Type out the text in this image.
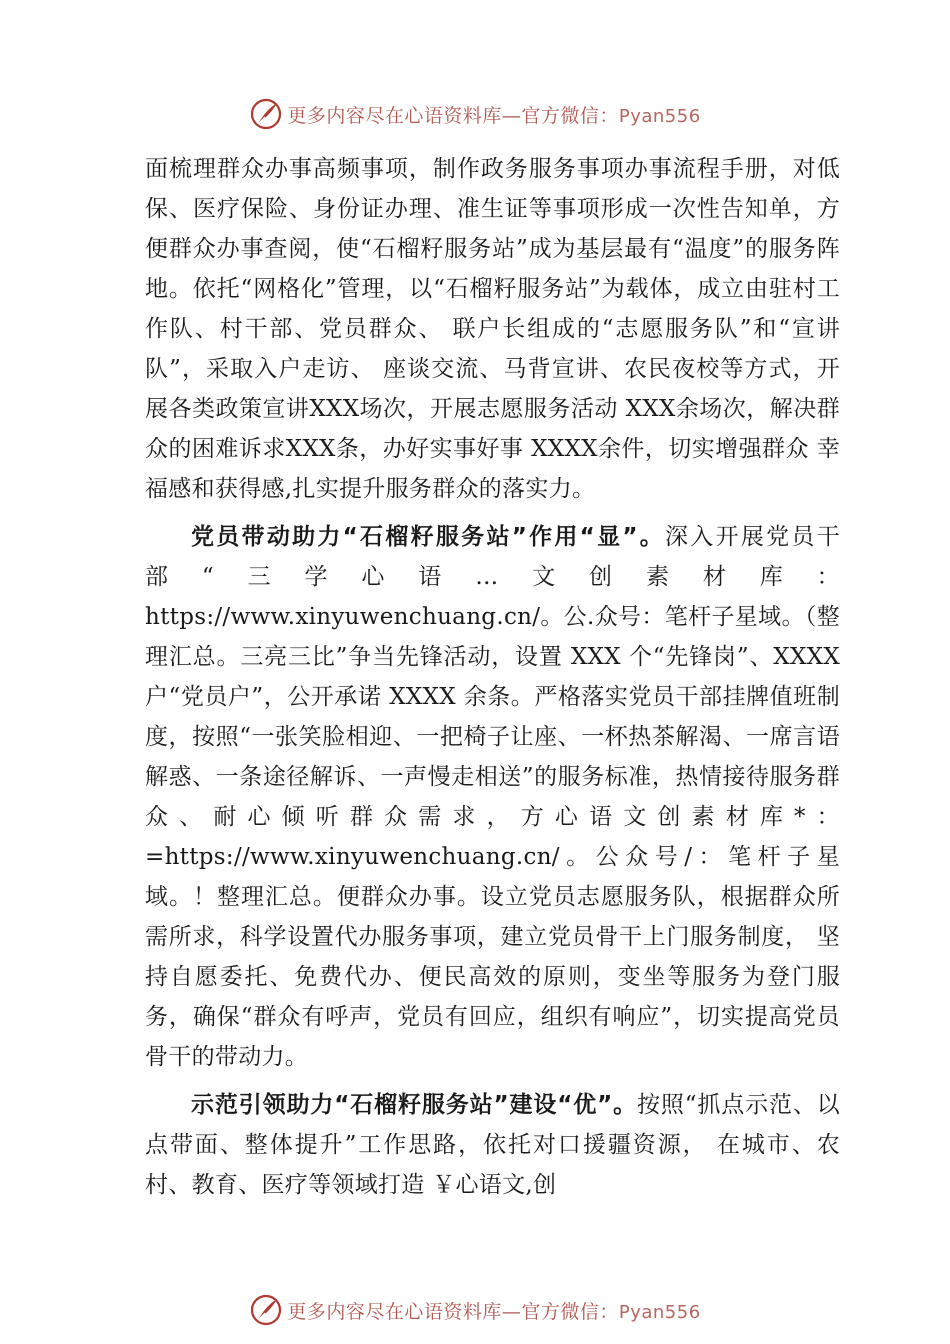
更多内容尽在心语资料库—官方微信：Pyan556

面梳理群众办事高频事项，制作政务服务事项办事流程手册，对低保、医疗保险、身份证办理、准生证等事项形成一次性告知单，方便群众办事查阅，使“石榴籽服务站”成为基层最有“温度”的服务阵地。依托“网格化”管理，以“石榴籽服务站”为载体，成立由驻村工作队、村干部、党员群众、 联户长组成的“志愿服务队”和“宣讲队”，采取入户走访、 座谈交流、马背宣讲、农民夜校等方式，开展各类政策宣讲XXX场次，开展志愿服务活动 XXX余场次，解决群众的困难诉求XXX条，办好实事好事 XXXX余件，切实增强群众 幸福感和获得感,扎实提升服务群众的落实力。

党员带动助力“石榴籽服务站”作用“显”。深入开展党员干部“三学心语…文创素材库：https://www.xinyuwenchuang.cn/。公.众号：笔杆子星域。（整理汇总。三亮三比”争当先锋活动，设置 XXX 个“先锋岗”、XXXX 户“党员户”，公开承诺 XXXX 余条。严格落实党员干部挂牌值班制度，按照“一张笑脸相迎、一把椅子让座、一杯热茶解渴、一席言语解惑、一条途径解诉、一声慢走相送”的服务标准，热情接待服务群众、耐心倾听群众需求，方心语文创素材库*：=https://www.xinyuwenchuang.cn/。公众号/：笔杆子星域。！整理汇总。便群众办事。设立党员志愿服务队，根据群众所需所求，科学设置代办服务事项，建立党员骨干上门服务制度， 坚持自愿委托、免费代办、便民高效的原则，变坐等服务为登门服务，确保“群众有呼声，党员有回应，组织有响应”，切实提高党员骨干的带动力。

示范引领助力“石榴籽服务站”建设“优”。按照“抓点示范、以点带面、整体提升”工作思路，依托对口援疆资源， 在城市、农村、教育、医疗等领域打造 ￥心语文,创

更多内容尽在心语资料库—官方微信：Pyan556
